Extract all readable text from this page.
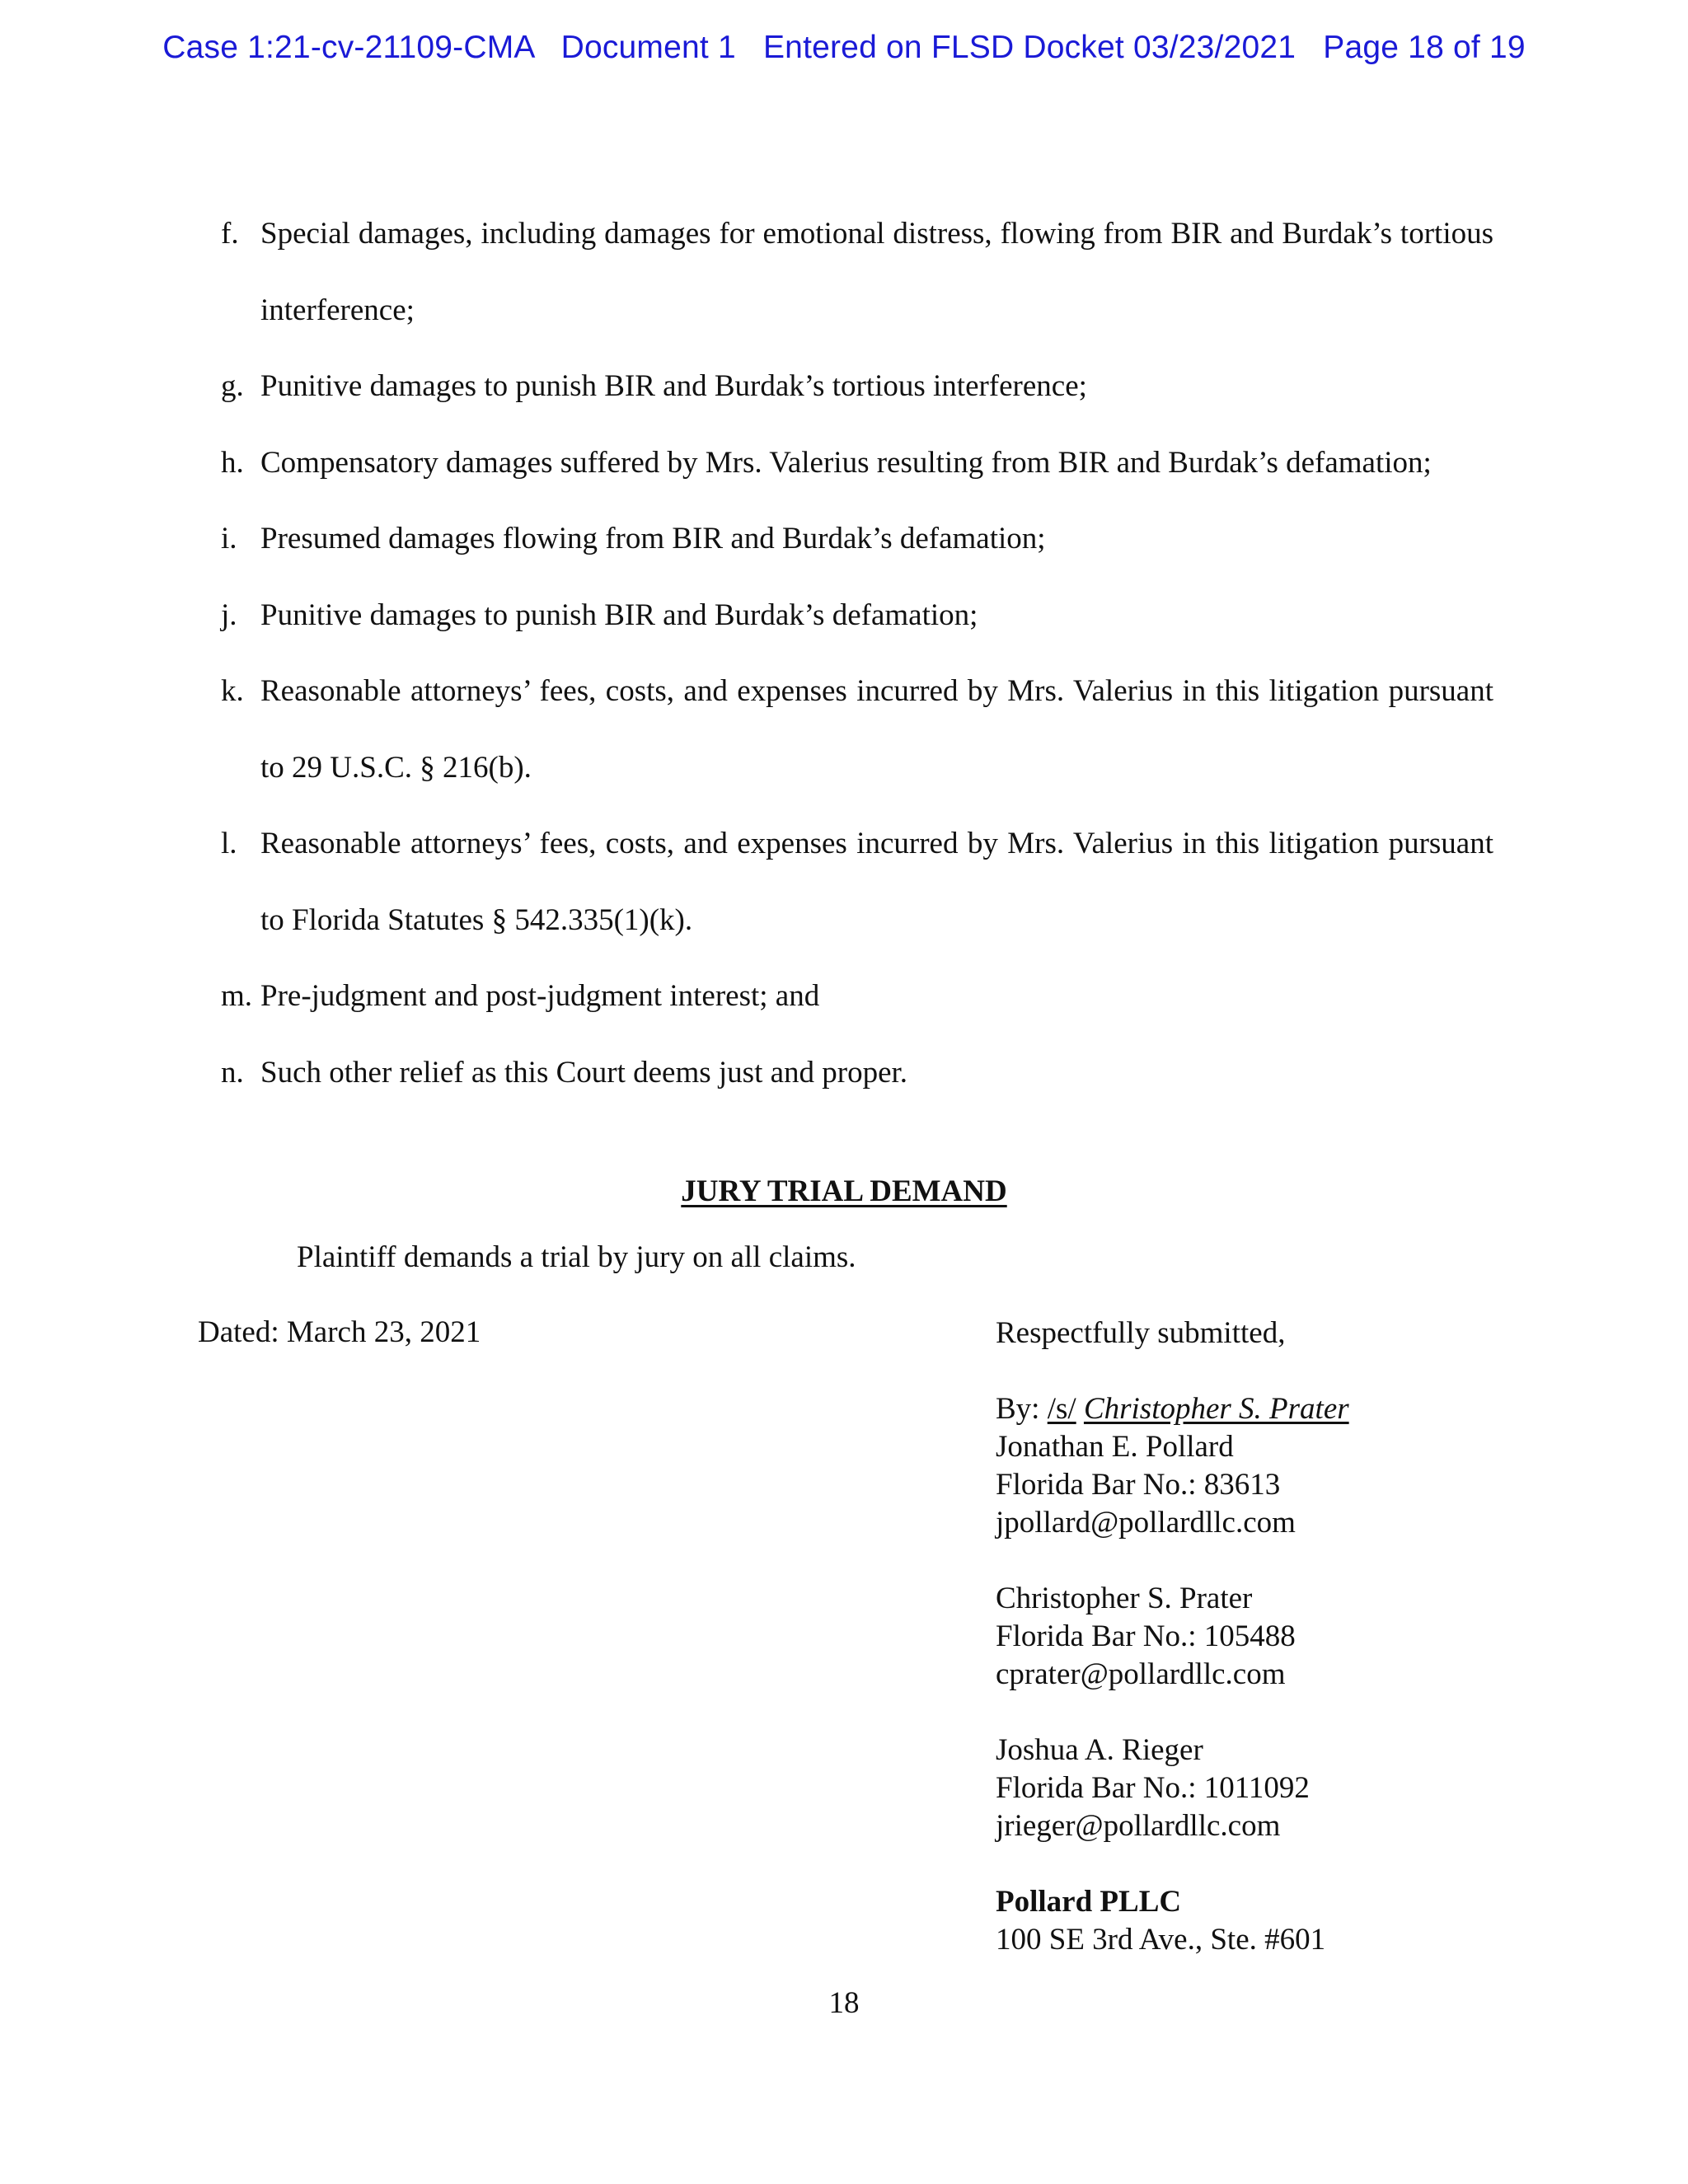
Case 1:21-cv-21109-CMA Document 1 Entered on FLSD Docket 03/23/2021 Page 18 of 19
f. Special damages, including damages for emotional distress, flowing from BIR and Burdak’s tortious interference;
g. Punitive damages to punish BIR and Burdak’s tortious interference;
h. Compensatory damages suffered by Mrs. Valerius resulting from BIR and Burdak’s defamation;
i. Presumed damages flowing from BIR and Burdak’s defamation;
j. Punitive damages to punish BIR and Burdak’s defamation;
k. Reasonable attorneys’ fees, costs, and expenses incurred by Mrs. Valerius in this litigation pursuant to 29 U.S.C. § 216(b).
l. Reasonable attorneys’ fees, costs, and expenses incurred by Mrs. Valerius in this litigation pursuant to Florida Statutes § 542.335(1)(k).
m. Pre-judgment and post-judgment interest; and
n. Such other relief as this Court deems just and proper.
JURY TRIAL DEMAND
Plaintiff demands a trial by jury on all claims.
Dated: March 23, 2021	Respectfully submitted,
By: /s/ Christopher S. Prater
Jonathan E. Pollard
Florida Bar No.: 83613
jpollard@pollardllc.com
Christopher S. Prater
Florida Bar No.: 105488
cprater@pollardllc.com
Joshua A. Rieger
Florida Bar No.: 1011092
jrieger@pollardllc.com
Pollard PLLC
100 SE 3rd Ave., Ste. #601
18
